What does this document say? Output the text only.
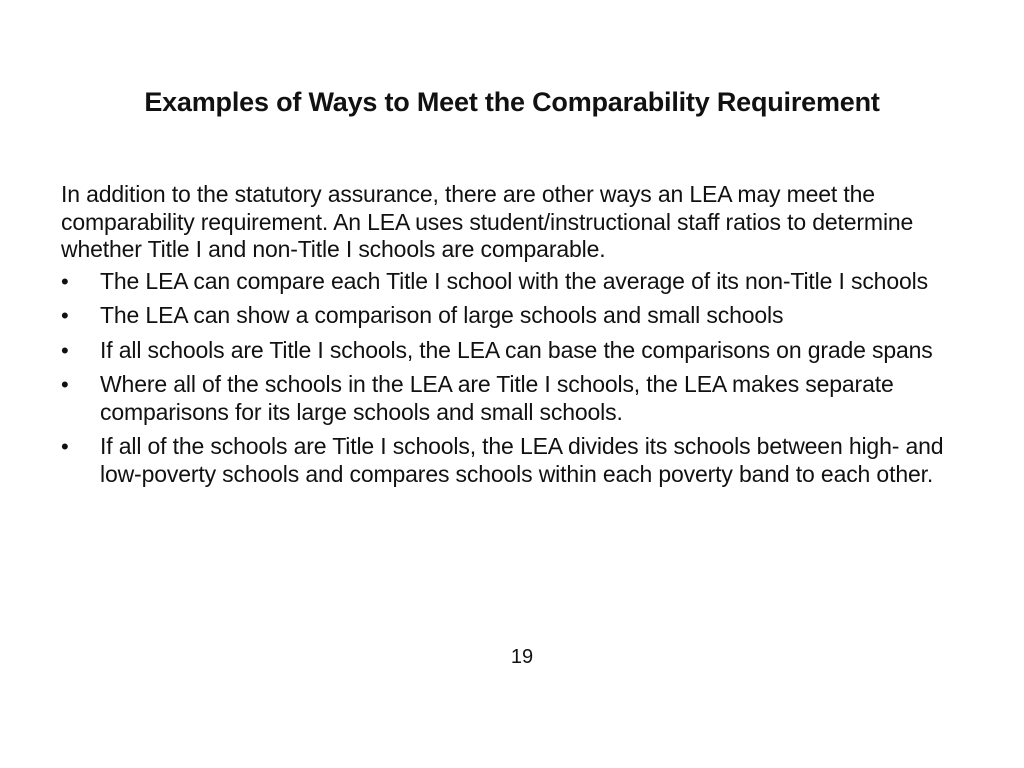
Examples of Ways to Meet the Comparability Requirement

In addition to the statutory assurance, there are other ways an LEA may meet the comparability requirement. An LEA uses student/instructional staff ratios to determine whether Title I and non-Title I schools are comparable.

•	The LEA can compare each Title I school with the average of its non-Title I schools
•	The LEA can show a comparison of large schools and small schools
•	If all schools are Title I schools, the LEA can base the comparisons on grade spans
•	Where all of the schools in the LEA are Title I schools, the LEA makes separate comparisons for its large schools and small schools.
•	If all of the schools are Title I schools, the LEA divides its schools between high- and low-poverty schools and compares schools within each poverty band to each other.
19
